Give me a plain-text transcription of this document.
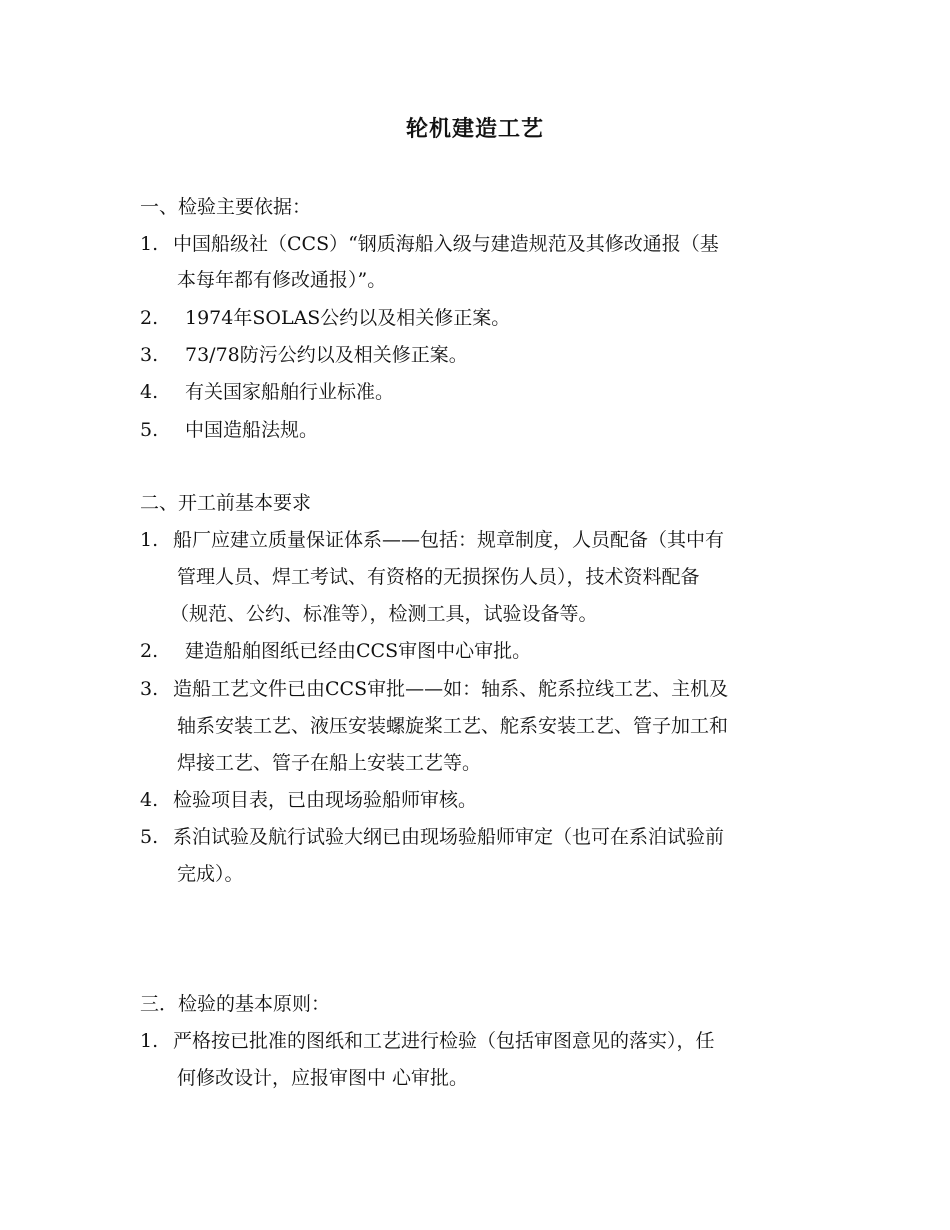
轮机建造工艺
一、检验主要依据：
1. 中国船级社（CCS）“钢质海船入级与建造规范及其修改通报（基
本每年都有修改通报）”。
2. 1974年SOLAS公约以及相关修正案。
3. 73/78防污公约以及相关修正案。
4. 有关国家船舶行业标准。
5. 中国造船法规。
二、开工前基本要求
1. 船厂应建立质量保证体系——包括：规章制度，人员配备（其中有
管理人员、焊工考试、有资格的无损探伤人员），技术资料配备
（规范、公约、标准等），检测工具，试验设备等。
2. 建造船舶图纸已经由CCS审图中心审批。
3. 造船工艺文件已由CCS审批——如：轴系、舵系拉线工艺、主机及
轴系安装工艺、液压安装螺旋桨工艺、舵系安装工艺、管子加工和
焊接工艺、管子在船上安装工艺等。
4. 检验项目表，已由现场验船师审核。
5. 系泊试验及航行试验大纲已由现场验船师审定（也可在系泊试验前
完成）。
三．检验的基本原则：
1. 严格按已批准的图纸和工艺进行检验（包括审图意见的落实），任
何修改设计，应报审图中 心审批。
